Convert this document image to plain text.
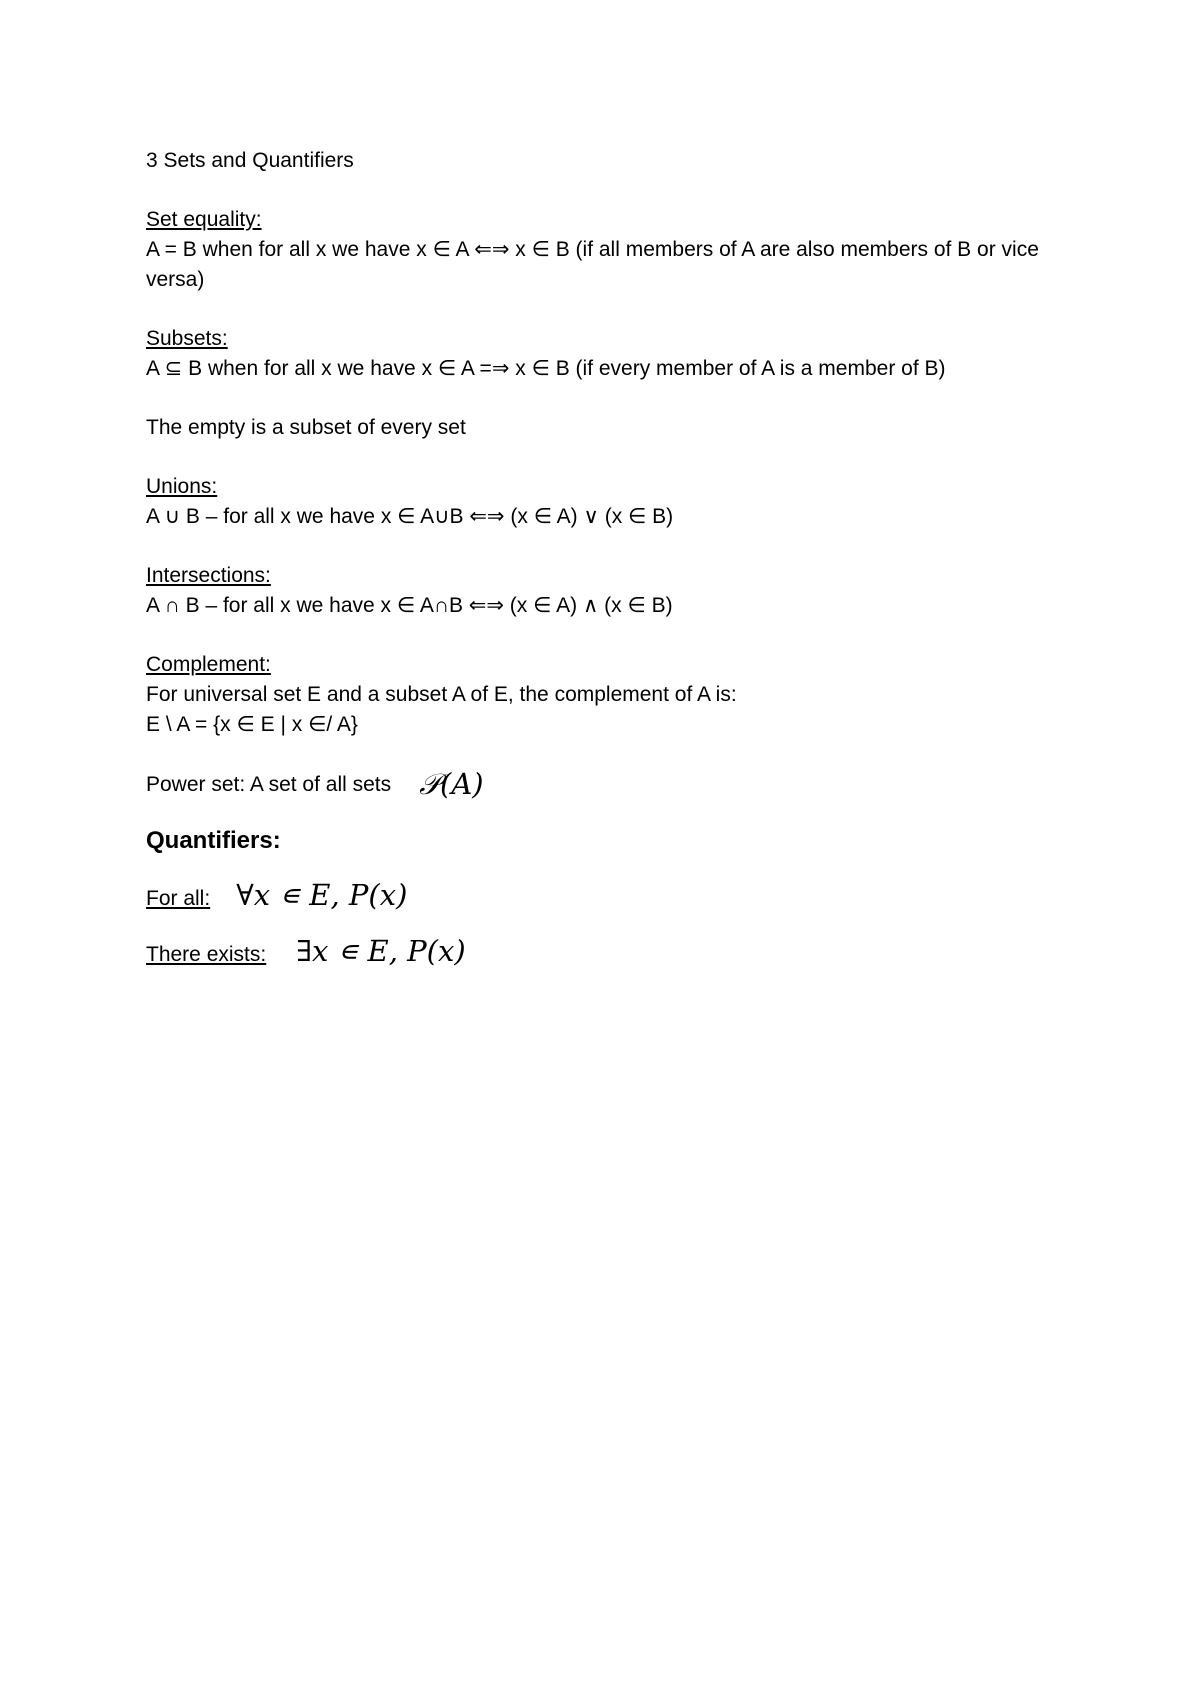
3 Sets and Quantifiers
Set equality:
A = B when for all x we have x ∈ A ⇐⇒ x ∈ B (if all members of A are also members of B or vice versa)
Subsets:
A ⊆ B when for all x we have x ∈ A =⇒ x ∈ B (if every member of A is a member of B)
The empty is a subset of every set
Unions:
A ∪ B – for all x we have x ∈ A∪B ⇐⇒ (x ∈ A) ∨ (x ∈ B)
Intersections:
A ∩ B – for all x we have x ∈ A∩B ⇐⇒ (x ∈ A) ∧ (x ∈ B)
Complement:
For universal set E and a subset A of E, the complement of A is:
E \ A = {x ∈ E | x ∈/ A}
Power set: A set of all sets 𝒫(A)
Quantifiers:
For all: ∀x ∊ E, P(x)
There exists: ∃x ∊ E, P(x)
